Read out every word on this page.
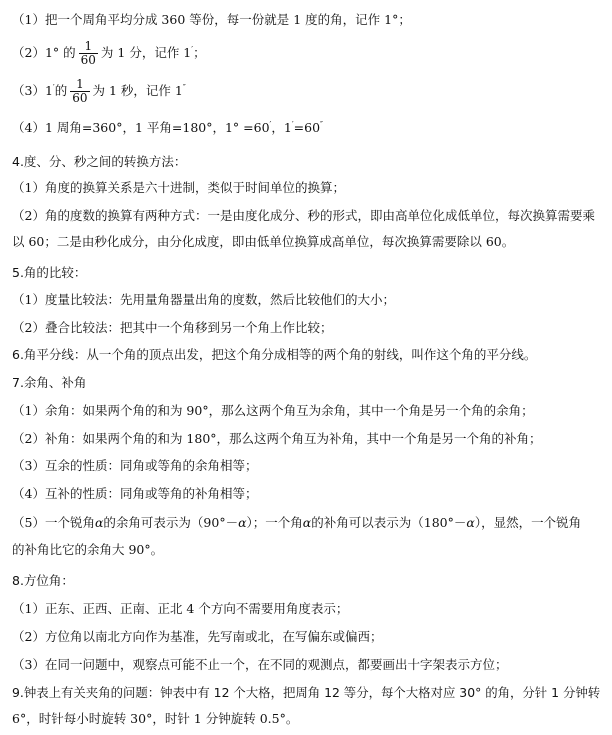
（1）把一个周角平均分成 360 等份，每一份就是 1 度的角，记作 1°；
（2）1° 的 $\frac{1}{60}$ 为 1 分，记作 1′；
（3）1′的 $\frac{1}{60}$ 为 1 秒，记作 1″
（4）1 周角=360°，1 平角=180°，1° =60′，1′=60″
4.度、分、秒之间的转换方法：
（1）角度的换算关系是六十进制，类似于时间单位的换算；
（2）角的度数的换算有两种方式：一是由度化成分、秒的形式，即由高单位化成低单位，每次换算需要乘
以 60；二是由秒化成分，由分化成度，即由低单位换算成高单位，每次换算需要除以 60。
5.角的比较：
（1）度量比较法：先用量角器量出角的度数，然后比较他们的大小；
（2）叠合比较法：把其中一个角移到另一个角上作比较；
6.角平分线：从一个角的顶点出发，把这个角分成相等的两个角的射线，叫作这个角的平分线。
7.余角、补角
（1）余角：如果两个角的和为 90°，那么这两个角互为余角，其中一个角是另一个角的余角；
（2）补角：如果两个角的和为 180°，那么这两个角互为补角，其中一个角是另一个角的补角；
（3）互余的性质：同角或等角的余角相等；
（4）互补的性质：同角或等角的补角相等；
（5）一个锐角α的余角可表示为（90°－α）；一个角α的补角可以表示为（180°－α），显然，一个锐角
的补角比它的余角大 90°。
8.方位角：
（1）正东、正西、正南、正北 4 个方向不需要用角度表示；
（2）方位角以南北方向作为基准，先写南或北，在写偏东或偏西；
（3）在同一问题中，观察点可能不止一个，在不同的观测点，都要画出十字架表示方位；
9.钟表上有关夹角的问题：钟表中有 12 个大格，把周角 12 等分，每个大格对应 30° 的角，分针 1 分钟转
6°，时针每小时旋转 30°，时针 1 分钟旋转 0.5°。
